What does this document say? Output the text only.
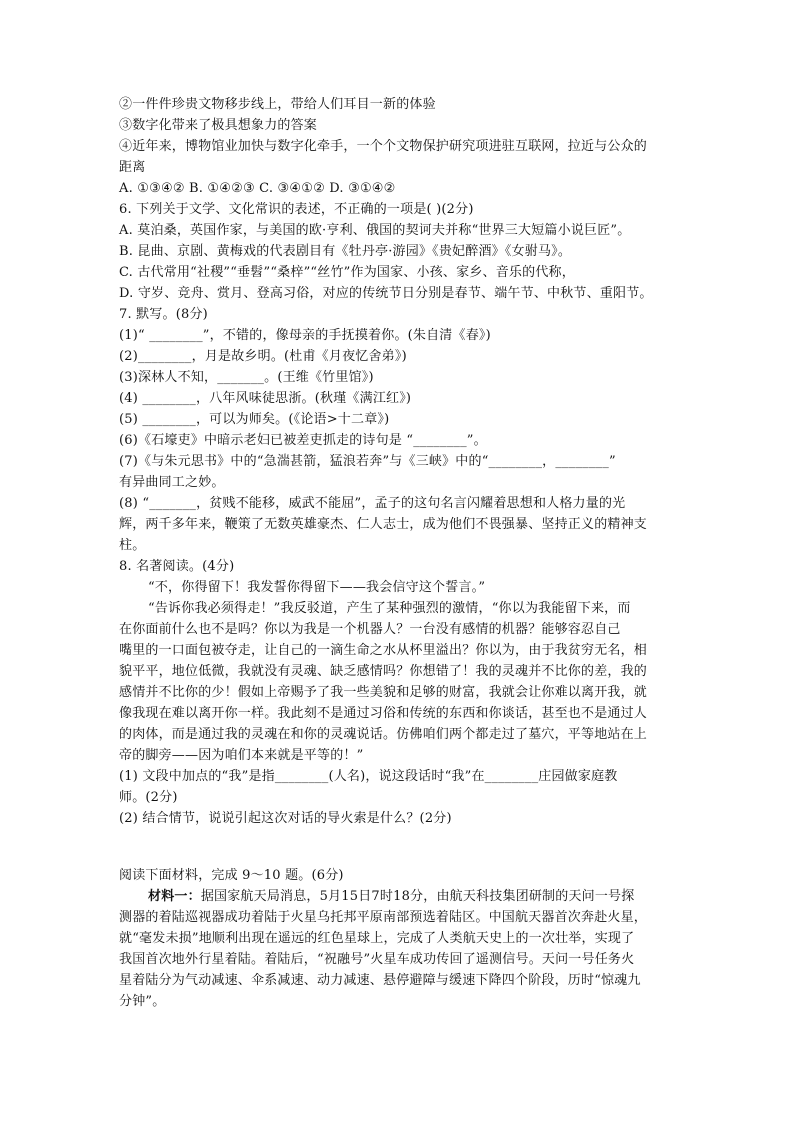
②一件件珍贵文物移步线上，带给人们耳目一新的体验
③数字化带来了极具想象力的答案
④近年来，博物馆业加快与数字化牵手，一个个文物保护研究项进驻互联网，拉近与公众的
距离
A. ①③④② B. ①④②③ C. ③④①② D. ③①④②
6. 下列关于文学、文化常识的表述，不正确的一项是( )(2分)
A. 莫泊桑，英国作家，与美国的欧·亨利、俄国的契诃夫并称“世界三大短篇小说巨匠”。
B. 昆曲、京剧、黄梅戏的代表剧目有《牡丹亭·游园》《贵妃醉酒》《女驸马》。
C. 古代常用“社稷”“垂髫”“桑梓”“丝竹”作为国家、小孩、家乡、音乐的代称，
D. 守岁、竞舟、赏月、登高习俗，对应的传统节日分别是春节、端午节、中秋节、重阳节。
7. 默写。(8分)
(1)“ ________”，不错的，像母亲的手抚摸着你。(朱自清《春》)
(2)________，月是故乡明。(杜甫《月夜忆舍弟》)
(3)深林人不知，_______。(王维《竹里馆》)
(4) ________，八年风味徒思浙。(秋瑾《满江红》)
(5) ________，可以为师矣。(《论语>十二章》)
(6)《石壕吏》中暗示老妇已被差吏抓走的诗句是 “________”。
(7)《与朱元思书》中的“急湍甚箭，猛浪若奔”与《三峡》中的“________，________”
有异曲同工之妙。
(8) “_______，贫贱不能移，威武不能屈”，孟子的这句名言闪耀着思想和人格力量的光
辉，两千多年来，鞭策了无数英雄豪杰、仁人志士，成为他们不畏强暴、坚持正义的精神支
柱。
8. 名著阅读。(4分)
“不，你得留下！我发誓你得留下——我会信守这个誓言。”
“告诉你我必须得走！”我反驳道，产生了某种强烈的激情，“你以为我能留下来，而
在你面前什么也不是吗？你以为我是一个机器人？一台没有感情的机器？能够容忍自己
嘴里的一口面包被夺走，让自己的一滴生命之水从杯里溢出？你以为，由于我贫穷无名，相
貌平平，地位低微，我就没有灵魂、缺乏感情吗？你想错了！我的灵魂并不比你的差，我的
感情并不比你的少！假如上帝赐予了我一些美貌和足够的财富，我就会让你难以离开我，就
像我现在难以离开你一样。我此刻不是通过习俗和传统的东西和你谈话，甚至也不是通过人
的肉体，而是通过我的灵魂在和你的灵魂说话。仿佛咱们两个都走过了墓穴，平等地站在上
帝的脚旁——因为咱们本来就是平等的！”
(1) 文段中加点的“我”是指________(人名)，说这段话时“我”在________庄园做家庭教
师。(2分)
(2) 结合情节，说说引起这次对话的导火索是什么？(2分)
阅读下面材料，完成 9～10 题。(6分)
材料一：据国家航天局消息，5月15日7时18分，由航天科技集团研制的天问一号探
测器的着陆巡视器成功着陆于火星乌托邦平原南部预选着陆区。中国航天器首次奔赴火星，
就“毫发未损”地顺利出现在遥远的红色星球上，完成了人类航天史上的一次壮举，实现了
我国首次地外行星着陆。着陆后，“祝融号”火星车成功传回了遥测信号。天问一号任务火
星着陆分为气动减速、伞系减速、动力减速、悬停避障与缓速下降四个阶段，历时“惊魂九
分钟”。
